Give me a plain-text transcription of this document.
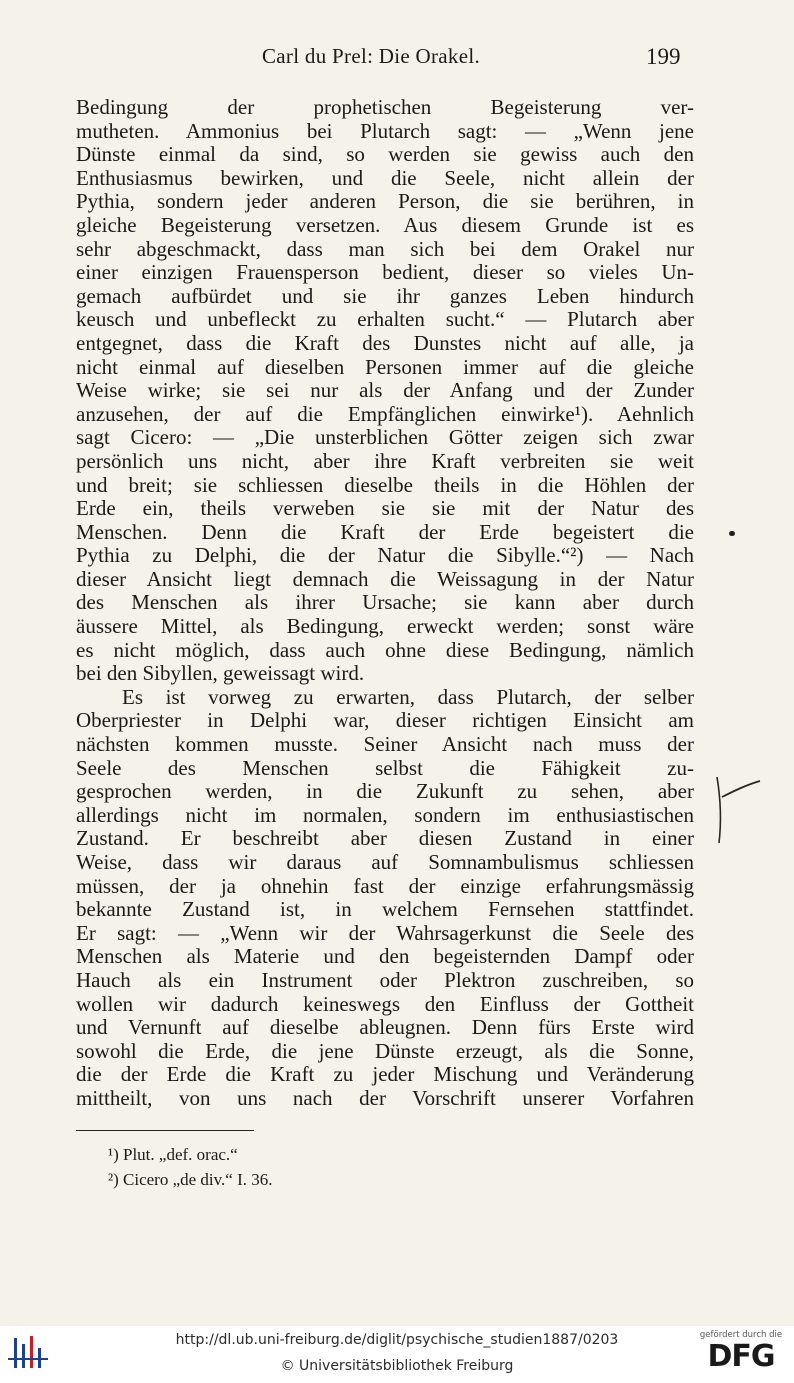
Carl du Prel: Die Orakel.	199
Bedingung der prophetischen Begeisterung ver-
mutheten. Ammonius bei Plutarch sagt: — „Wenn jene
Dünste einmal da sind, so werden sie gewiss auch den
Enthusiasmus bewirken, und die Seele, nicht allein der
Pythia, sondern jeder anderen Person, die sie berühren, in
gleiche Begeisterung versetzen. Aus diesem Grunde ist es
sehr abgeschmackt, dass man sich bei dem Orakel nur
einer einzigen Frauensperson bedient, dieser so vieles Un-
gemach aufbürdet und sie ihr ganzes Leben hindurch
keusch und unbefleckt zu erhalten sucht.“ — Plutarch aber
entgegnet, dass die Kraft des Dunstes nicht auf alle, ja
nicht einmal auf dieselben Personen immer auf die gleiche
Weise wirke; sie sei nur als der Anfang und der Zunder
anzusehen, der auf die Empfänglichen einwirke¹). Aehnlich
sagt Cicero: — „Die unsterblichen Götter zeigen sich zwar
persönlich uns nicht, aber ihre Kraft verbreiten sie weit
und breit; sie schliessen dieselbe theils in die Höhlen der
Erde ein, theils verweben sie sie mit der Natur des
Menschen. Denn die Kraft der Erde begeistert die
Pythia zu Delphi, die der Natur die Sibylle.“²) — Nach
dieser Ansicht liegt demnach die Weissagung in der Natur
des Menschen als ihrer Ursache; sie kann aber durch
äussere Mittel, als Bedingung, erweckt werden; sonst wäre
es nicht möglich, dass auch ohne diese Bedingung, nämlich
bei den Sibyllen, geweissagt wird.
Es ist vorweg zu erwarten, dass Plutarch, der selber
Oberpriester in Delphi war, dieser richtigen Einsicht am
nächsten kommen musste. Seiner Ansicht nach muss der
Seele des Menschen selbst die Fähigkeit zu-
gesprochen werden, in die Zukunft zu sehen, aber
allerdings nicht im normalen, sondern im enthusiastischen
Zustand. Er beschreibt aber diesen Zustand in einer
Weise, dass wir daraus auf Somnambulismus schliessen
müssen, der ja ohnehin fast der einzige erfahrungsmässig
bekannte Zustand ist, in welchem Fernsehen stattfindet.
Er sagt: — „Wenn wir der Wahrsagerkunst die Seele des
Menschen als Materie und den begeisternden Dampf oder
Hauch als ein Instrument oder Plektron zuschreiben, so
wollen wir dadurch keineswegs den Einfluss der Gottheit
und Vernunft auf dieselbe ableugnen. Denn fürs Erste wird
sowohl die Erde, die jene Dünste erzeugt, als die Sonne,
die der Erde die Kraft zu jeder Mischung und Veränderung
mittheilt, von uns nach der Vorschrift unserer Vorfahren
¹) Plut. „def. orac.“
²) Cicero „de div.“ I. 36.
http://dl.ub.uni-freiburg.de/diglit/psychische_studien1887/0203
© Universitätsbibliothek Freiburg
gefördert durch die
DFG
